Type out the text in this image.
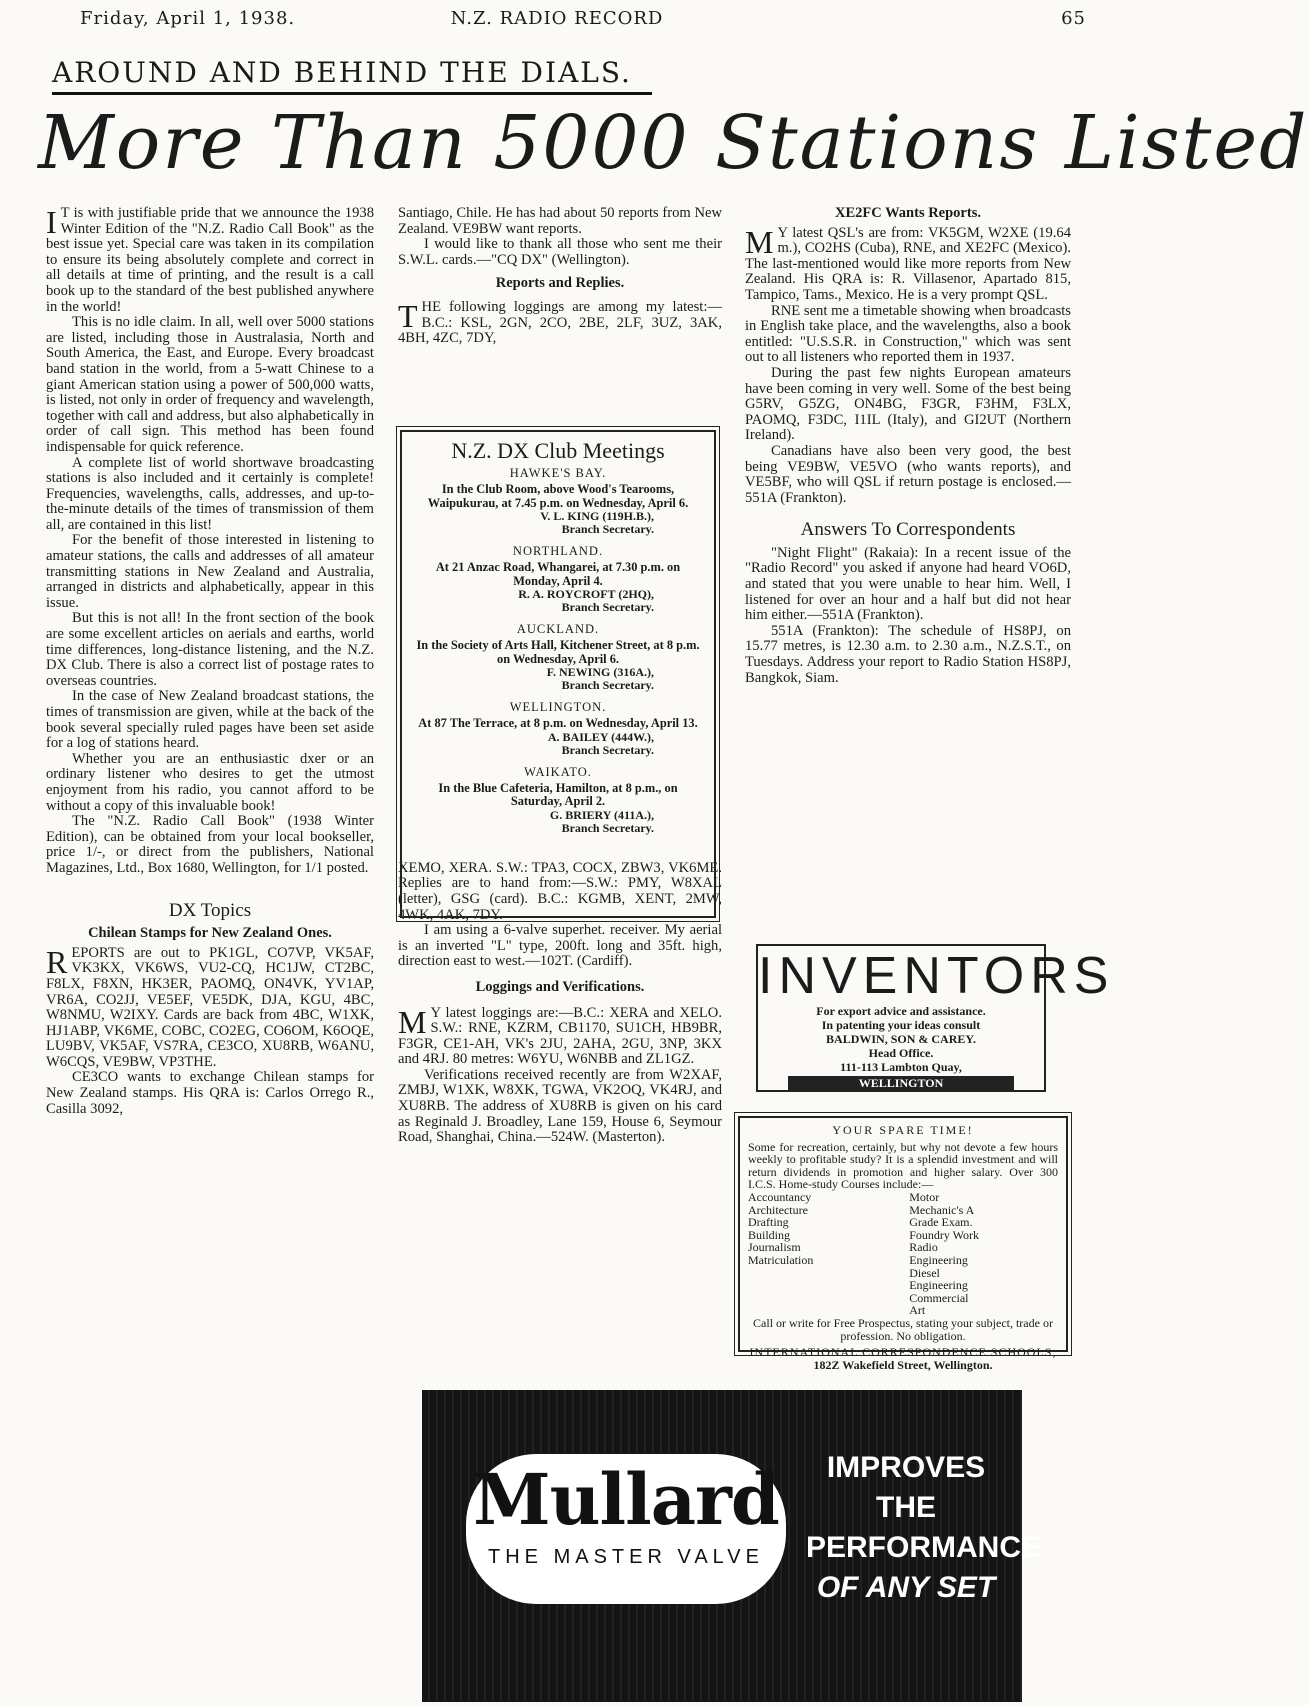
Friday, April 1, 1938.	N.Z. RADIO RECORD	65
AROUND AND BEHIND THE DIALS.
More Than 5000 Stations Listed

I T is with justifiable pride that we announce the 1938 Winter Edition of the "N.Z. Radio Call Book" as the best issue yet. Special care was taken in its compilation to ensure its being absolutely complete and correct in all details at time of printing, and the result is a call book up to the standard of the best published anywhere in the world!

This is no idle claim. In all, well over 5000 stations are listed, including those in Australasia, North and South America, the East, and Europe. Every broadcast band station in the world, from a 5-watt Chinese to a giant American station using a power of 500,000 watts, is listed, not only in order of frequency and wavelength, together with call and address, but also alphabetically in order of call sign. This method has been found indispensable for quick reference.

A complete list of world shortwave broadcasting stations is also included and it certainly is complete! Frequencies, wavelengths, calls, addresses, and up-to-the-minute details of the times of transmission of them all, are contained in this list!

For the benefit of those interested in listening to amateur stations, the calls and addresses of all amateur transmitting stations in New Zealand and Australia, arranged in districts and alphabetically, appear in this issue.

But this is not all! In the front section of the book are some excellent articles on aerials and earths, world time differences, long-distance listening, and the N.Z. DX Club. There is also a correct list of postage rates to overseas countries.

In the case of New Zealand broadcast stations, the times of transmission are given, while at the back of the book several specially ruled pages have been set aside for a log of stations heard.

Whether you are an enthusiastic dxer or an ordinary listener who desires to get the utmost enjoyment from his radio, you cannot afford to be without a copy of this invaluable book!

The "N.Z. Radio Call Book" (1938 Winter Edition), can be obtained from your local bookseller, price 1/-, or direct from the publishers, National Magazines, Ltd., Box 1680, Wellington, for 1/1 posted.

DX Topics
Chilean Stamps for New Zealand Ones.

REPORTS are out to PK1GL, CO7VP, VK5AF, VK3KX, VK6WS, VU2-CQ, HC1JW, CT2BC, F8LX, F8XN, HK3ER, PAOMQ, ON4VK, YV1AP, VR6A, CO2JJ, VE5EF, VE5DK, DJA, KGU, 4BC, W8NMU, W2IXY. Cards are back from 4BC, W1XK, HJ1ABP, VK6ME, COBC, CO2EG, CO6OM, K6OQE, LU9BV, VK5AF, VS7RA, CE3CO, XU8RB, W6ANU, W6CQS, VE9BW, VP3THE.

CE3CO wants to exchange Chilean stamps for New Zealand stamps. His QRA is: Carlos Orrego R., Casilla 3092,

Santiago, Chile. He has had about 50 reports from New Zealand. VE9BW want reports.

I would like to thank all those who sent me their S.W.L. cards.—"CQ DX" (Wellington).

Reports and Replies.

THE following loggings are among my latest:—B.C.: KSL, 2GN, 2CO, 2BE, 2LF, 3UZ, 3AK, 4BH, 4ZC, 7DY,

XEMO, XERA. S.W.: TPA3, COCX, ZBW3, VK6ME. Replies are to hand from:—S.W.: PMY, W8XAL (letter), GSG (card). B.C.: KGMB, XENT, 2MW, 4WK, 4AK, 7DY.

I am using a 6-valve superhet. receiver. My aerial is an inverted "L" type, 200ft. long and 35ft. high, direction east to west.—102T. (Cardiff).

Loggings and Verifications.

M Y latest loggings are:—B.C.: XERA and XELO. S.W.: RNE, KZRM, CB1170, SU1CH, HB9BR, F3GR, CE1-AH, VK's 2JU, 2AHA, 2GU, 3NP, 3KX and 4RJ. 80 metres: W6YU, W6NBB and ZL1GZ.

Verifications received recently are from W2XAF, ZMBJ, W1XK, W8XK, TGWA, VK2OQ, VK4RJ, and XU8RB. The address of XU8RB is given on his card as Reginald J. Broadley, Lane 159, House 6, Seymour Road, Shanghai, China.—524W. (Masterton).

N.Z. DX Club Meetings
HAWKE'S BAY.
In the Club Room, above Wood's Tearooms, Waipukurau, at 7.45 p.m. on Wednesday, April 6.
V. L. KING (119H.B.),
Branch Secretary.
NORTHLAND.
At 21 Anzac Road, Whangarei, at 7.30 p.m. on Monday, April 4.
R. A. ROYCROFT (2HQ),
Branch Secretary.
AUCKLAND.
In the Society of Arts Hall, Kitchener Street, at 8 p.m. on Wednesday, April 6.
F. NEWING (316A.),
Branch Secretary.
WELLINGTON.
At 87 The Terrace, at 8 p.m. on Wednesday, April 13.
A. BAILEY (444W.),
Branch Secretary.
WAIKATO.
In the Blue Cafeteria, Hamilton, at 8 p.m., on Saturday, April 2.
G. BRIERY (411A.),
Branch Secretary.
XE2FC Wants Reports.

M Y latest QSL's are from: VK5GM, W2XE (19.64 m.), CO2HS (Cuba), RNE, and XE2FC (Mexico). The last-mentioned would like more reports from New Zealand. His QRA is: R. Villasenor, Apartado 815, Tampico, Tams., Mexico. He is a very prompt QSL.

RNE sent me a timetable showing when broadcasts in English take place, and the wavelengths, also a book entitled: "U.S.S.R. in Construction," which was sent out to all listeners who reported them in 1937.

During the past few nights European amateurs have been coming in very well. Some of the best being G5RV, G5ZG, ON4BG, F3GR, F3HM, F3LX, PAOMQ, F3DC, I1IL (Italy), and GI2UT (Northern Ireland).

Canadians have also been very good, the best being VE9BW, VE5VO (who wants reports), and VE5BF, who will QSL if return postage is enclosed.—551A (Frankton).

Answers To Correspondents

"Night Flight" (Rakaia): In a recent issue of the "Radio Record" you asked if anyone had heard VO6D, and stated that you were unable to hear him. Well, I listened for over an hour and a half but did not hear him either.—551A (Frankton).

551A (Frankton): The schedule of HS8PJ, on 15.77 metres, is 12.30 a.m. to 2.30 a.m., N.Z.S.T., on Tuesdays. Address your report to Radio Station HS8PJ, Bangkok, Siam.

INVENTORS
For export advice and assistance.
In patenting your ideas consult
BALDWIN, SON & CAREY.
Head Office.
111-113 Lambton Quay,
WELLINGTON
YOUR SPARE TIME!
Some for recreation, certainly, but why not devote a few hours weekly to profitable study? It is a splendid investment and will return dividends in promotion and higher salary. Over 300 I.C.S. Home-study Courses include:—
Accountancy
Architecture
Drafting
Building
Journalism
Matriculation
Motor Mechanic's A Grade Exam.
Foundry Work
Radio Engineering
Diesel Engineering
Commercial Art
Call or write for Free Prospectus, stating your subject, trade or profession. No obligation.
INTERNATIONAL CORRESPONDENCE SCHOOLS,
182Z Wakefield Street, Wellington.
Mullard
THE MASTER VALVE
IMPROVES THE
PERFORMANCE
OF ANY SET
